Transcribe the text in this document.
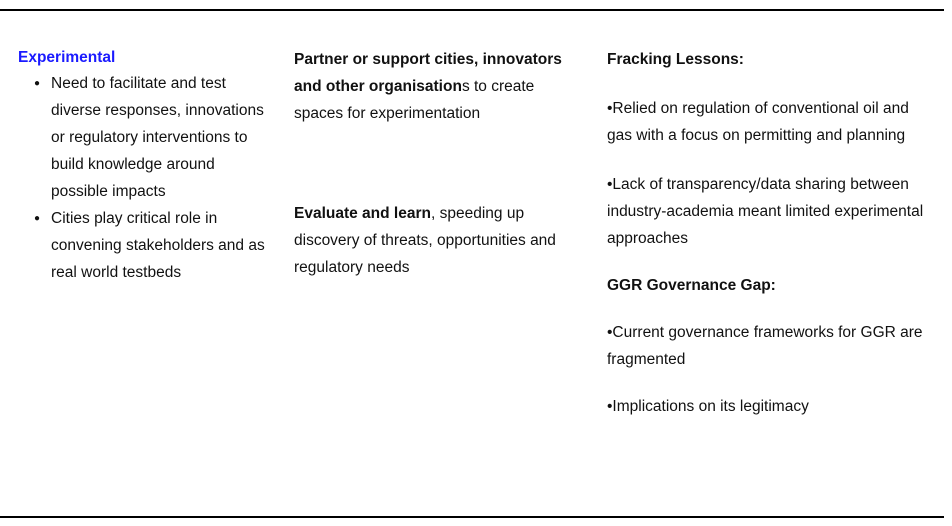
Experimental

● Need to facilitate and test diverse responses, innovations or regulatory interventions to build knowledge around possible impacts
● Cities play critical role in convening stakeholders and as real world testbeds

Partner or support cities, innovators and other organisations to create spaces for experimentation

Evaluate and learn, speeding up discovery of threats, opportunities and regulatory needs

Fracking Lessons:

•Relied on regulation of conventional oil and gas with a focus on permitting and planning

•Lack of transparency/data sharing between industry-academia meant limited experimental approaches

GGR Governance Gap:

•Current governance frameworks for GGR are fragmented

•Implications on its legitimacy
